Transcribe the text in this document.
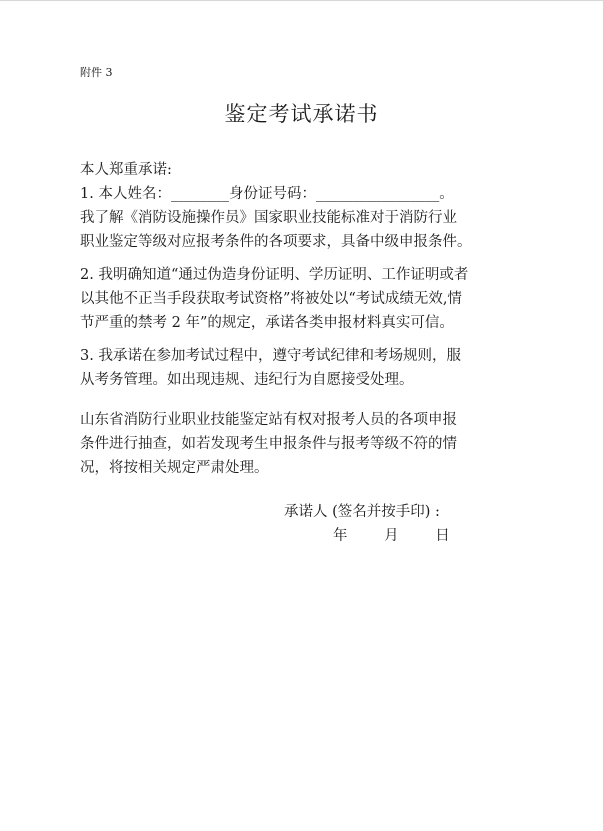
附件 3
鉴定考试承诺书
本人郑重承诺:
1. 本人姓名：________身份证号码：_________________。
我了解《消防设施操作员》国家职业技能标准对于消防行业
职业鉴定等级对应报考条件的各项要求，具备中级申报条件。
2. 我明确知道“通过伪造身份证明、学历证明、工作证明或者
以其他不正当手段获取考试资格”将被处以“考试成绩无效,情
节严重的禁考 2 年”的规定，承诺各类申报材料真实可信。
3. 我承诺在参加考试过程中，遵守考试纪律和考场规则，服
从考务管理。如出现违规、违纪行为自愿接受处理。
山东省消防行业职业技能鉴定站有权对报考人员的各项申报
条件进行抽查，如若发现考生申报条件与报考等级不符的情
况，将按相关规定严肃处理。
承诺人 (签名并按手印) :
年	月	日
